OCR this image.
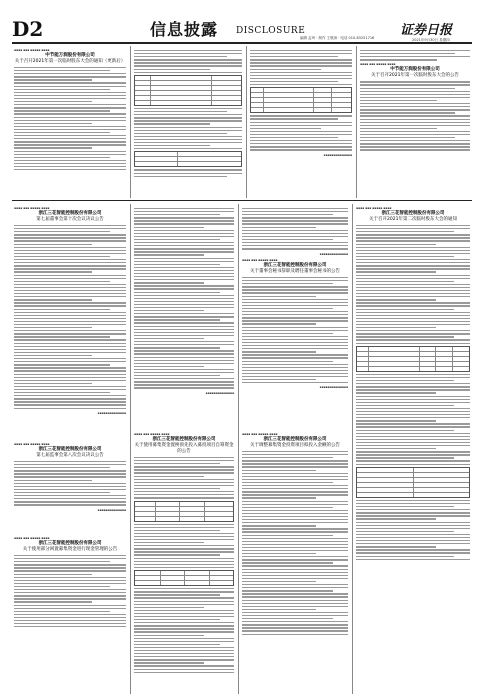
D2	信息披露 DISCLOSURE
编辑 孟珂 · 制作 王敬涛 · 电话 010-83251716 证券日报
2021年9月30日 星期四
▪▪▪▪ ▪▪▪ ▪▪▪▪▪ ▪▪▪▪
中节能万润股份有限公司
关于召开2021年第一次临时股东大会的通知（更新后）
▪▪▪▪▪▪▪▪▪▪▪▪▪▪
▪▪▪▪ ▪▪▪ ▪▪▪▪▪ ▪▪▪▪
中节能万润股份有限公司
关于召开2021年第一次临时股东大会的公告
▪▪▪▪ ▪▪▪ ▪▪▪▪▪ ▪▪▪▪
浙江三花智能控制股份有限公司
第七届董事会第十次会议决议公告
▪▪▪▪▪▪▪▪▪▪▪▪▪▪
▪▪▪▪ ▪▪▪ ▪▪▪▪▪ ▪▪▪▪
浙江三花智能控制股份有限公司
第七届监事会第八次会议决议公告
▪▪▪▪▪▪▪▪▪▪▪▪▪▪
▪▪▪▪ ▪▪▪ ▪▪▪▪▪ ▪▪▪▪
浙江三花智能控制股份有限公司
关于使用部分闲置募集资金进行现金管理的公告
▪▪▪▪▪▪▪▪▪▪▪▪▪▪
▪▪▪▪ ▪▪▪ ▪▪▪▪▪ ▪▪▪▪
浙江三花智能控制股份有限公司
关于使用募集资金置换预先投入募投项目自筹资金的公告
▪▪▪▪▪▪▪▪▪▪▪▪▪▪
▪▪▪▪ ▪▪▪ ▪▪▪▪▪ ▪▪▪▪
浙江三花智能控制股份有限公司
关于董事会秘书辞职及聘任董事会秘书的公告
▪▪▪▪▪▪▪▪▪▪▪▪▪▪
▪▪▪▪ ▪▪▪ ▪▪▪▪▪ ▪▪▪▪
浙江三花智能控制股份有限公司
关于调整募集资金投资项目拟投入金额的公告
▪▪▪▪ ▪▪▪ ▪▪▪▪▪ ▪▪▪▪
浙江三花智能控制股份有限公司
关于召开2021年第二次临时股东大会的通知
